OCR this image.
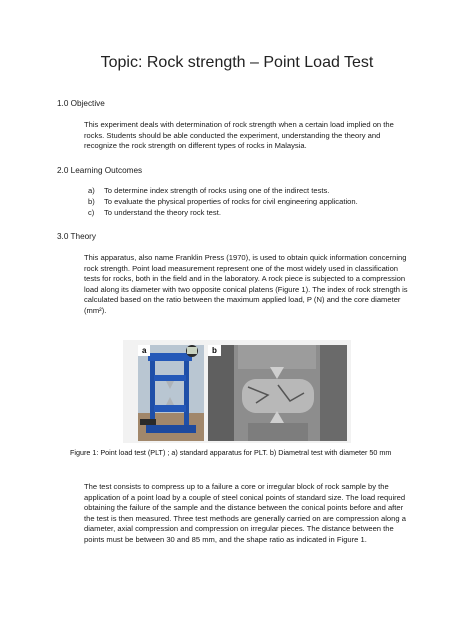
Topic: Rock strength – Point Load Test
1.0 Objective
This experiment deals with determination of rock strength when a certain load implied on the
rocks. Students should be able conducted the experiment, understanding the theory and
recognize the rock strength on different types of rocks in Malaysia.
2.0 Learning Outcomes
a)	To determine index strength of rocks using one of the indirect tests.
b)	To evaluate the physical properties of rocks for civil engineering application.
c)	To understand the theory rock test.
3.0 Theory
This apparatus, also name Franklin Press (1970), is used to obtain quick information concerning
rock strength. Point load measurement represent one of the most widely used in classification
tests for rocks, both in the field and in the laboratory. A rock piece is subjected to a compression
load along its diameter with two opposite conical platens (Figure 1). The index of rock strength is
calculated based on the ratio between the maximum applied load, P (N) and the core diameter
(mm²).
a	b
Figure 1: Point load test (PLT) ; a) standard apparatus for PLT. b) Diametral test with diameter 50 mm
The test consists to compress up to a failure a core or irregular block of rock sample by the
application of a point load by a couple of steel conical points of standard size. The load required
obtaining the failure of the sample and the distance between the conical points before and after
the test is then measured. Three test methods are generally carried on are compression along a
diameter, axial compression and compression on irregular pieces. The distance between the
points must be between 30 and 85 mm, and the shape ratio as indicated in Figure 1.
